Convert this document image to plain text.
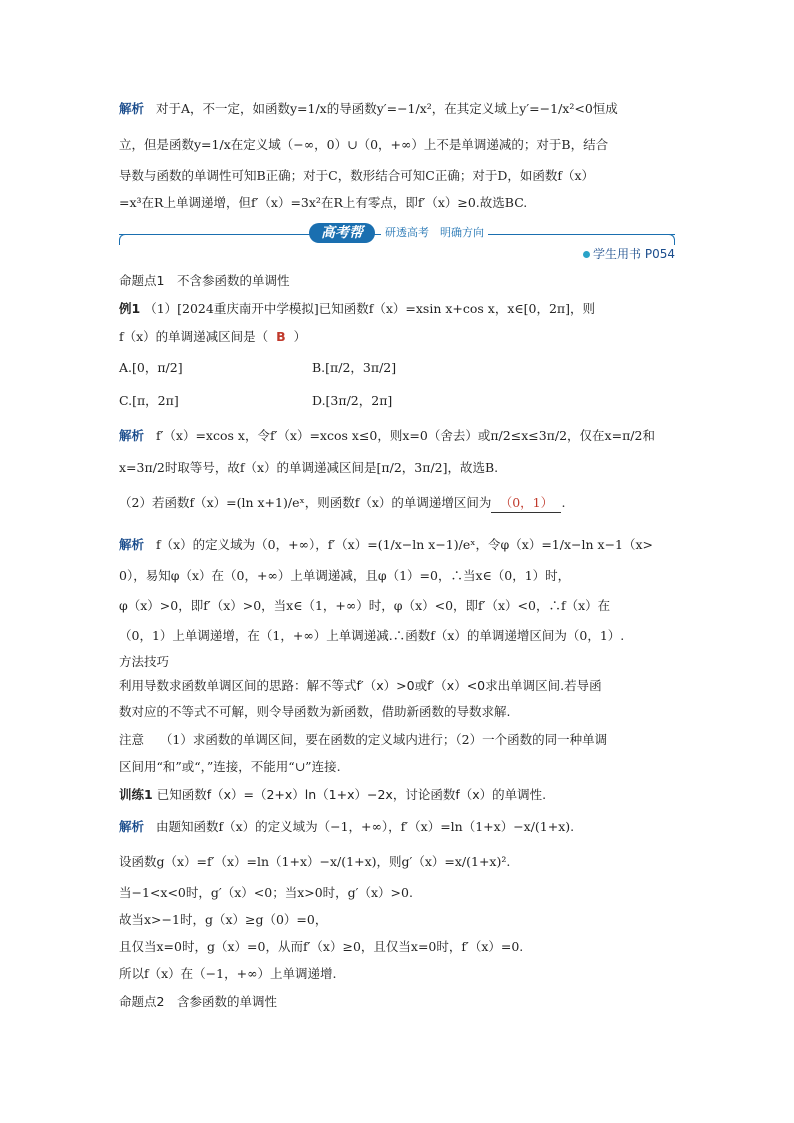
解析 对于A，不一定，如函数y=1/x的导函数y′=−1/x²，在其定义域上y′=−1/x²<0恒成
立，但是函数y=1/x在定义域（−∞，0）∪（0，+∞）上不是单调递减的；对于B，结合
导数与函数的单调性可知B正确；对于C，数形结合可知C正确；对于D，如函数f（x）
=x³在R上单调递增，但f′（x）=3x²在R上有零点，即f′（x）≥0.故选BC.
高考帮	研透高考　明确方向
学生用书 P054
命题点1　不含参函数的单调性
例1 （1）[2024重庆南开中学模拟]已知函数f（x）=xsin x+cos x，x∈[0，2π]，则
f（x）的单调递减区间是（ B ）
A.[0，π/2]	B.[π/2，3π/2]
C.[π，2π]	D.[3π/2，2π]
解析 f′（x）=xcos x，令f′（x）=xcos x≤0，则x=0（舍去）或π/2≤x≤3π/2，仅在x=π/2和
x=3π/2时取等号，故f（x）的单调递减区间是[π/2，3π/2]，故选B.
（2）若函数f（x）=(ln x+1)/eˣ，则函数f（x）的单调递增区间为 （0，1） .
解析 f（x）的定义域为（0，+∞），f′（x）=(1/x−ln x−1)/eˣ，令φ（x）=1/x−ln x−1（x>
0），易知φ（x）在（0，+∞）上单调递减，且φ（1）=0，∴当x∈（0，1）时，
φ（x）>0，即f′（x）>0，当x∈（1，+∞）时，φ（x）<0，即f′（x）<0，∴f（x）在
（0，1）上单调递增，在（1，+∞）上单调递减.∴函数f（x）的单调递增区间为（0，1）.
方法技巧
利用导数求函数单调区间的思路：解不等式f′（x）>0或f′（x）<0求出单调区间.若导函
数对应的不等式不可解，则令导函数为新函数，借助新函数的导数求解.
注意 （1）求函数的单调区间，要在函数的定义域内进行；（2）一个函数的同一种单调
区间用“和”或“，”连接，不能用“∪”连接.
训练1 已知函数f（x）=（2+x）ln（1+x）−2x，讨论函数f（x）的单调性.
解析 由题知函数f（x）的定义域为（−1，+∞），f′（x）=ln（1+x）−x/(1+x).
设函数g（x）=f′（x）=ln（1+x）−x/(1+x)，则g′（x）=x/(1+x)².
当−1<x<0时，g′（x）<0；当x>0时，g′（x）>0.
故当x>−1时，g（x）≥g（0）=0，
且仅当x=0时，g（x）=0，从而f′（x）≥0，且仅当x=0时，f′（x）=0.
所以f（x）在（−1，+∞）上单调递增.
命题点2　含参函数的单调性
